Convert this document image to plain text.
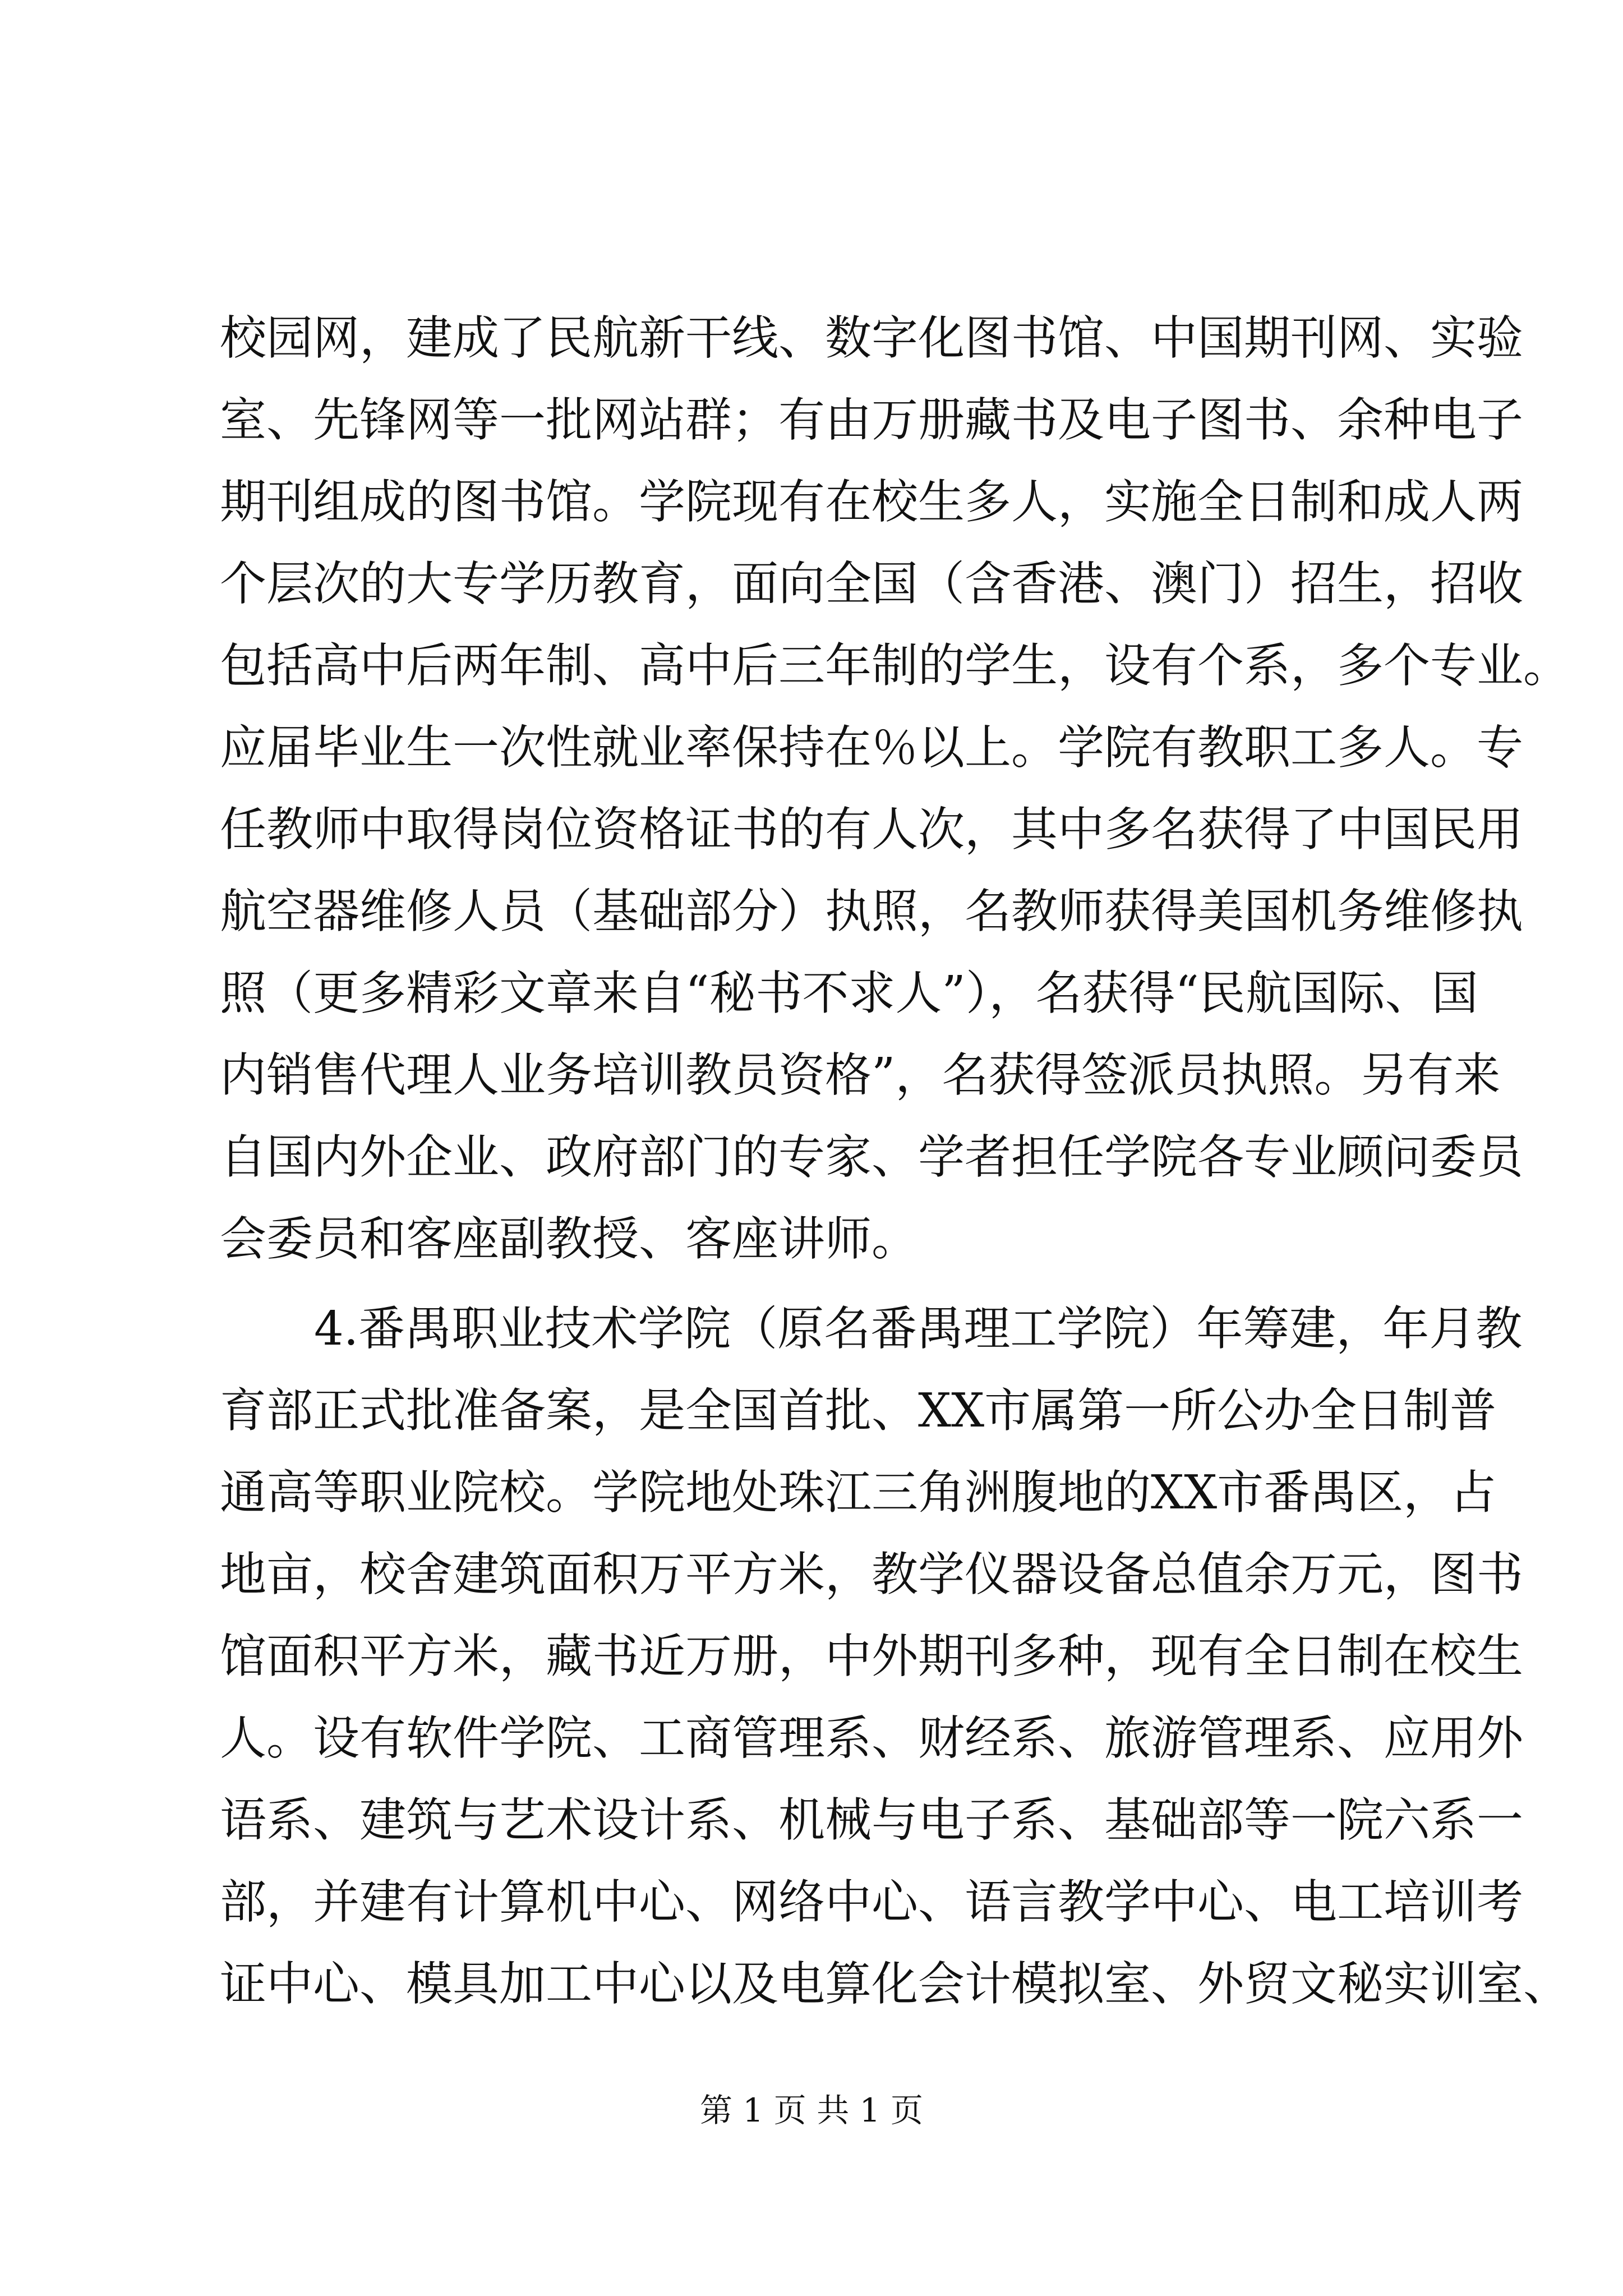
校园网，建成了民航新干线、数字化图书馆、中国期刊网、实验
室、先锋网等一批网站群；有由万册藏书及电子图书、余种电子
期刊组成的图书馆。学院现有在校生多人，实施全日制和成人两
个层次的大专学历教育，面向全国（含香港、澳门）招生，招收
包括高中后两年制、高中后三年制的学生，设有个系，多个专业。
应届毕业生一次性就业率保持在％以上。学院有教职工多人。专
任教师中取得岗位资格证书的有人次，其中多名获得了中国民用
航空器维修人员（基础部分）执照，名教师获得美国机务维修执
照（更多精彩文章来自“秘书不求人”），名获得“民航国际、国
内销售代理人业务培训教员资格”，名获得签派员执照。另有来
自国内外企业、政府部门的专家、学者担任学院各专业顾问委员
会委员和客座副教授、客座讲师。
4.番禺职业技术学院（原名番禺理工学院）年筹建，年月教
育部正式批准备案，是全国首批、XX市属第一所公办全日制普
通高等职业院校。学院地处珠江三角洲腹地的XX市番禺区，占
地亩，校舍建筑面积万平方米，教学仪器设备总值余万元，图书
馆面积平方米，藏书近万册，中外期刊多种，现有全日制在校生
人。设有软件学院、工商管理系、财经系、旅游管理系、应用外
语系、建筑与艺术设计系、机械与电子系、基础部等一院六系一
部，并建有计算机中心、网络中心、语言教学中心、电工培训考
证中心、模具加工中心以及电算化会计模拟室、外贸文秘实训室、
第 1 页 共 1 页
